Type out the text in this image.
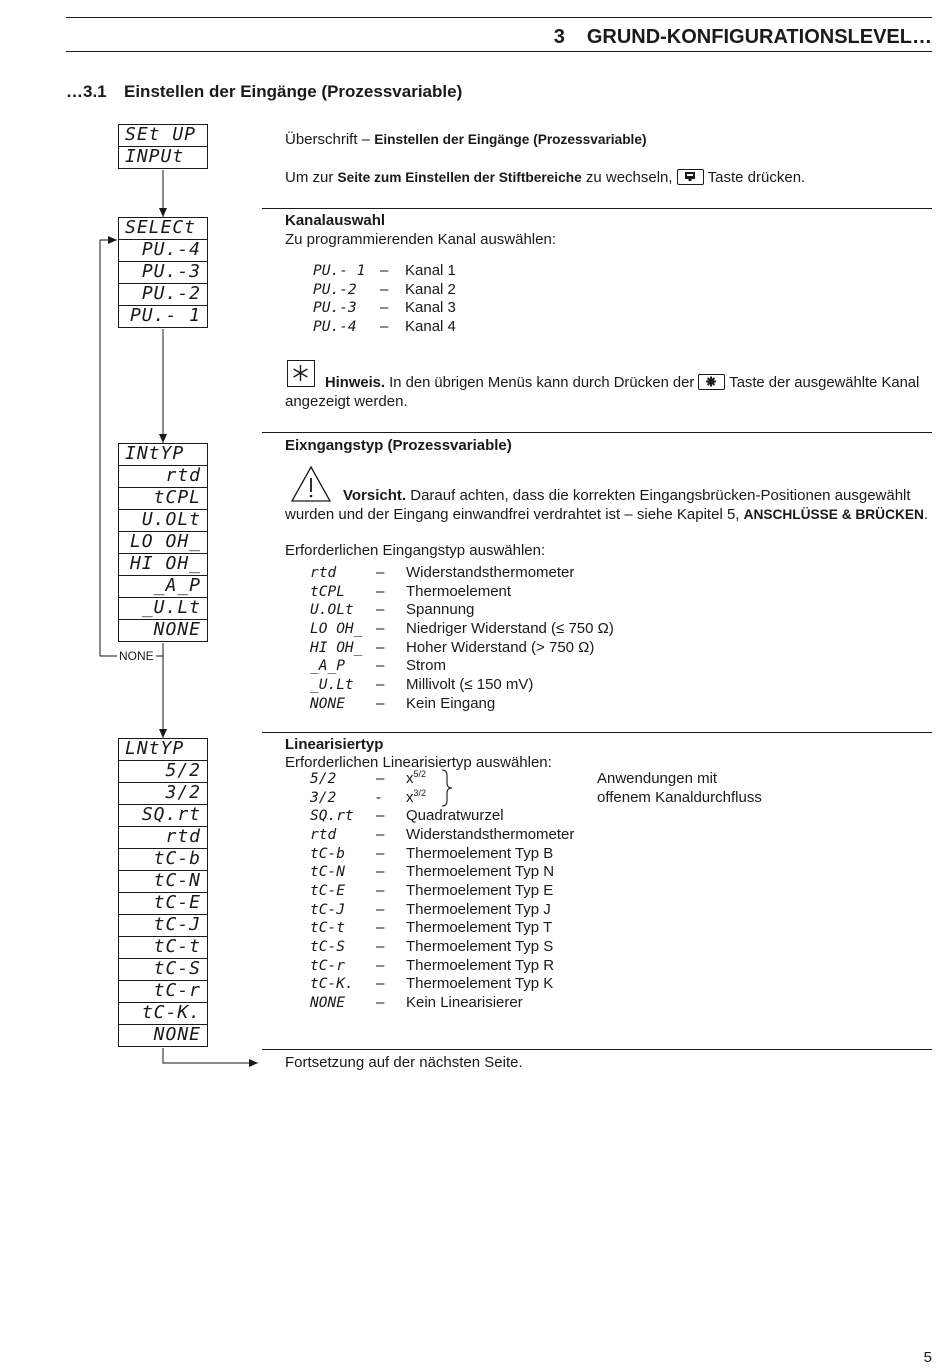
3 GRUND-KONFIGURATIONSLEVEL…
…3.1 Einstellen der Eingänge (Prozessvariable)
SEt UP
INPUt
SELECt
PU.-4
PU.-3
PU.-2
PU.- 1
INtYP
rtd
tCPL
U.OLt
LO OH_
HI OH_
_A_P
_U.Lt
NONE
LNtYP
5/2
3/2
SQ.rt
rtd
tC-b
tC-N
tC-E
tC-J
tC-t
tC-S
tC-r
tC-K.
NONE
NONE
Überschrift – Einstellen der Eingänge (Prozessvariable)
Um zur Seite zum Einstellen der Stiftbereiche zu wechseln, Taste drücken.
Kanalauswahl
Zu programmierenden Kanal auswählen:
PU.- 1 – Kanal 1
PU.-2 – Kanal 2
PU.-3 – Kanal 3
PU.-4 – Kanal 4
Hinweis. In den übrigen Menüs kann durch Drücken der Taste der ausgewählte Kanal
angezeigt werden.
Eixngangstyp (Prozessvariable)
Vorsicht. Darauf achten, dass die korrekten Eingangsbrücken-Positionen ausgewählt
wurden und der Eingang einwandfrei verdrahtet ist – siehe Kapitel 5, ANSCHLÜSSE & BRÜCKEN.
Erforderlichen Eingangstyp auswählen:
rtd	– Widerstandsthermometer
tCPL – Thermoelement
U.OLt – Spannung
LO OH_ – Niedriger Widerstand (≤ 750 Ω)
HI OH_ – Hoher Widerstand (> 750 Ω)
_A_P – Strom
_U.Lt – Millivolt (≤ 150 mV)
NONE – Kein Eingang
Linearisiertyp
Erforderlichen Linearisiertyp auswählen:
5/2	– $x^{5/2}$
3/2	- $x^{3/2}$
SQ.rt – Quadratwurzel
rtd	– Widerstandsthermometer
tC-b – Thermoelement Typ B
tC-N – Thermoelement Typ N
tC-E – Thermoelement Typ E
tC-J – Thermoelement Typ J
tC-t – Thermoelement Typ T
tC-S – Thermoelement Typ S
tC-r – Thermoelement Typ R
tC-K. – Thermoelement Typ K
NONE – Kein Linearisierer
Anwendungen mit
offenem Kanaldurchfluss
Fortsetzung auf der nächsten Seite.
5
